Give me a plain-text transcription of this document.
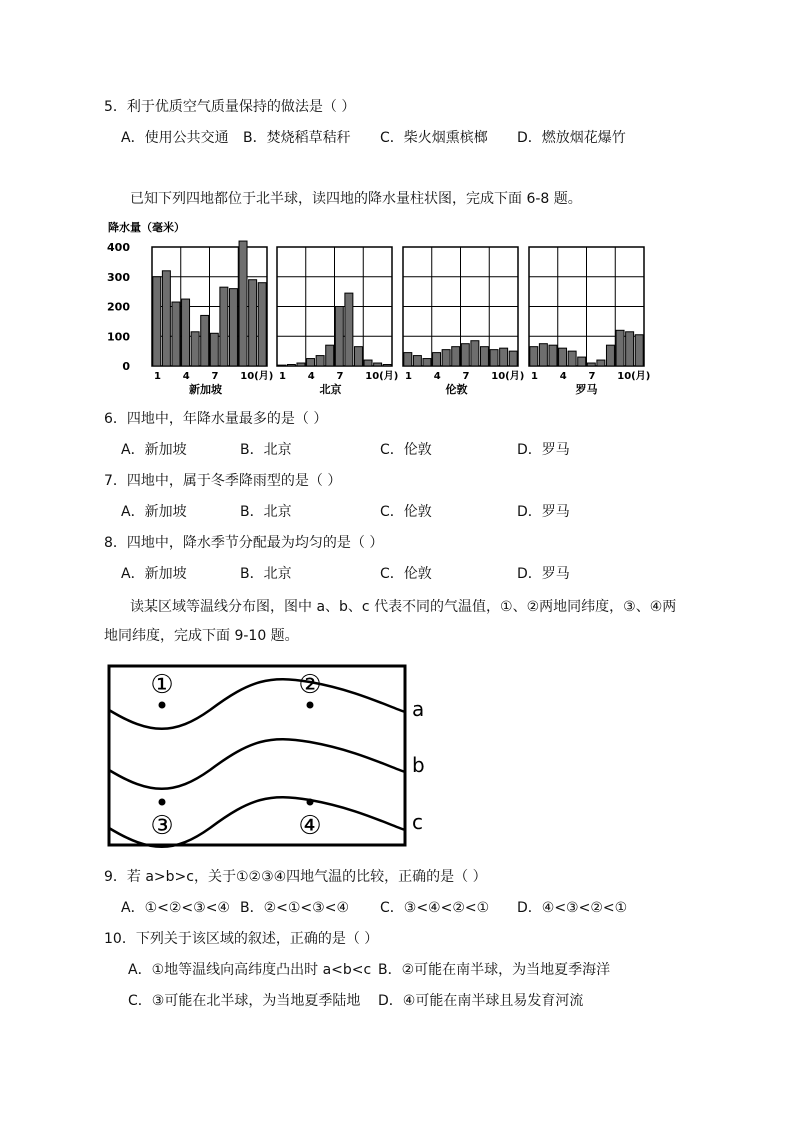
5．利于优质空气质量保持的做法是（ ）
A．使用公共交通 B．焚烧稻草秸秆 C．柴火烟熏槟榔 D．燃放烟花爆竹
已知下列四地都位于北半球，读四地的降水量柱状图，完成下面 6-8 题。
降水量（毫米）
0
100
200
300
400
1 4 7 10(月)
新加坡
1 4 7 10(月)
北京
1 4 7 10(月)
伦敦
1 4 7 10(月)
罗马
6．四地中，年降水量最多的是（ ）
A．新加坡	B．北京	C．伦敦	D．罗马
7．四地中，属于冬季降雨型的是（ ）
A．新加坡	B．北京	C．伦敦	D．罗马
8．四地中，降水季节分配最为均匀的是（ ）
A．新加坡	B．北京	C．伦敦	D．罗马
读某区域等温线分布图，图中 a、b、c 代表不同的气温值，①、②两地同纬度，③、④两
地同纬度，完成下面 9-10 题。
①	②
③	④
a
b
c
9．若 a>b>c，关于①②③④四地气温的比较，正确的是（ ）
A．①<②<③<④ B．②<①<③<④ C．③<④<②<① D．④<③<②<①
10．下列关于该区域的叙述，正确的是（ ）
A．①地等温线向高纬度凸出时 a<b<c B．②可能在南半球，为当地夏季海洋
C．③可能在北半球，为当地夏季陆地 D．④可能在南半球且易发育河流
